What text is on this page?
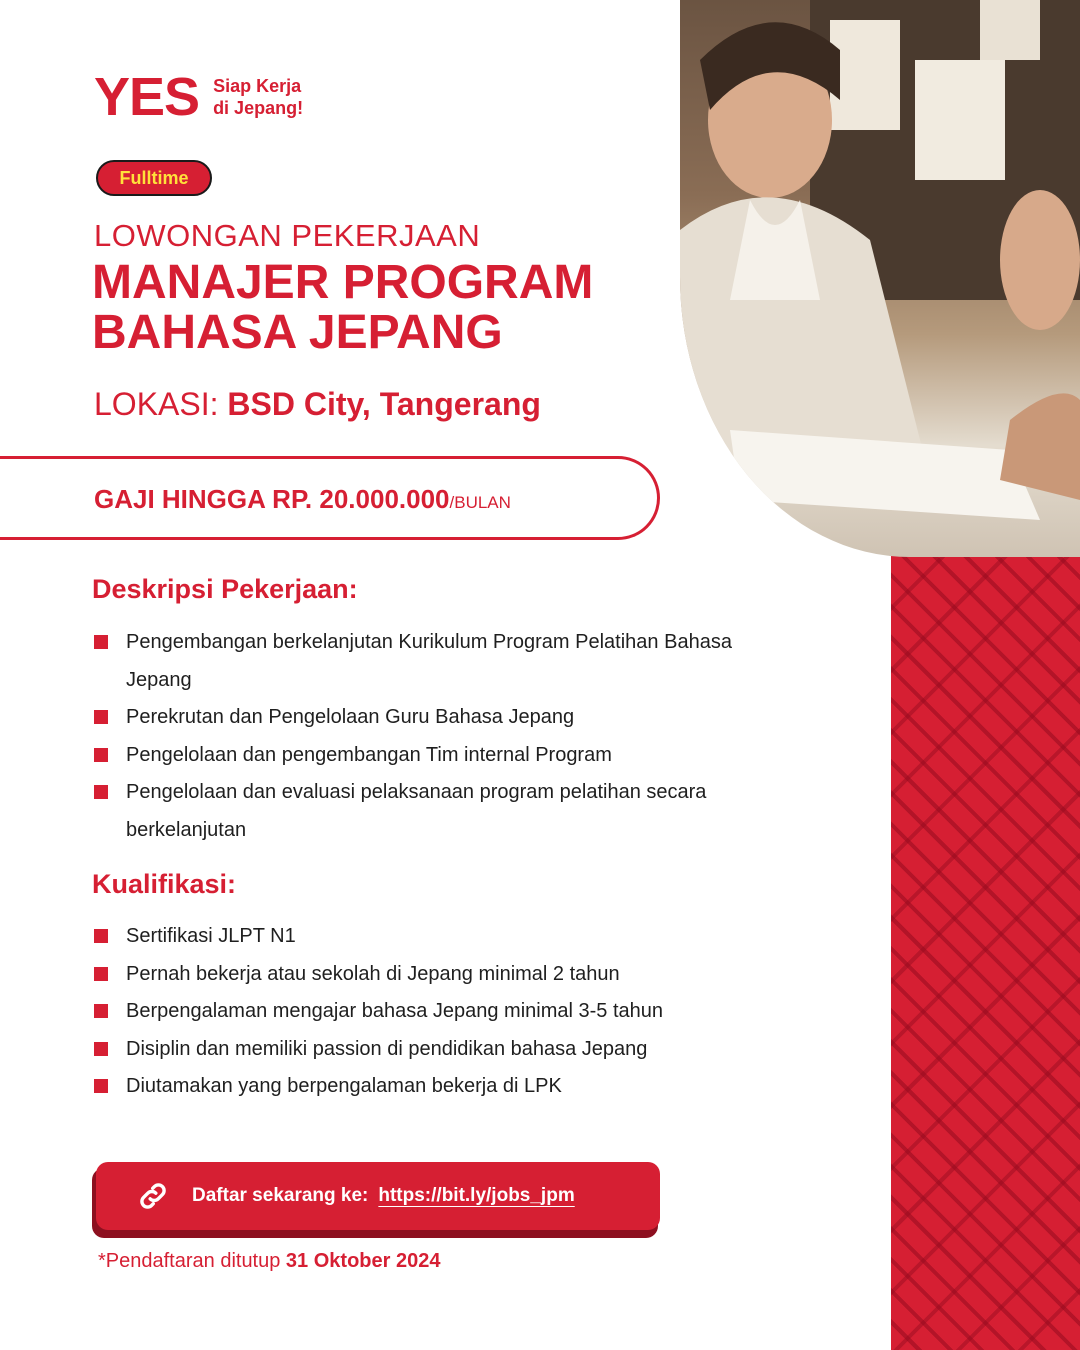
YES Siap Kerja
di Jepang!
Fulltime
LOWONGAN PEKERJAAN
MANAJER PROGRAM
BAHASA JEPANG
LOKASI: BSD City, Tangerang
GAJI HINGGA RP. 20.000.000/BULAN
Deskripsi Pekerjaan:
Pengembangan berkelanjutan Kurikulum Program Pelatihan Bahasa Jepang
Perekrutan dan Pengelolaan Guru Bahasa Jepang
Pengelolaan dan pengembangan Tim internal Program
Pengelolaan dan evaluasi pelaksanaan program pelatihan secara berkelanjutan
Kualifikasi:
Sertifikasi JLPT N1
Pernah bekerja atau sekolah di Jepang minimal 2 tahun
Berpengalaman mengajar bahasa Jepang minimal 3-5 tahun
Disiplin dan memiliki passion di pendidikan bahasa Jepang
Diutamakan yang berpengalaman bekerja di LPK
Daftar sekarang ke: https://bit.ly/jobs_jpm
*Pendaftaran ditutup 31 Oktober 2024
